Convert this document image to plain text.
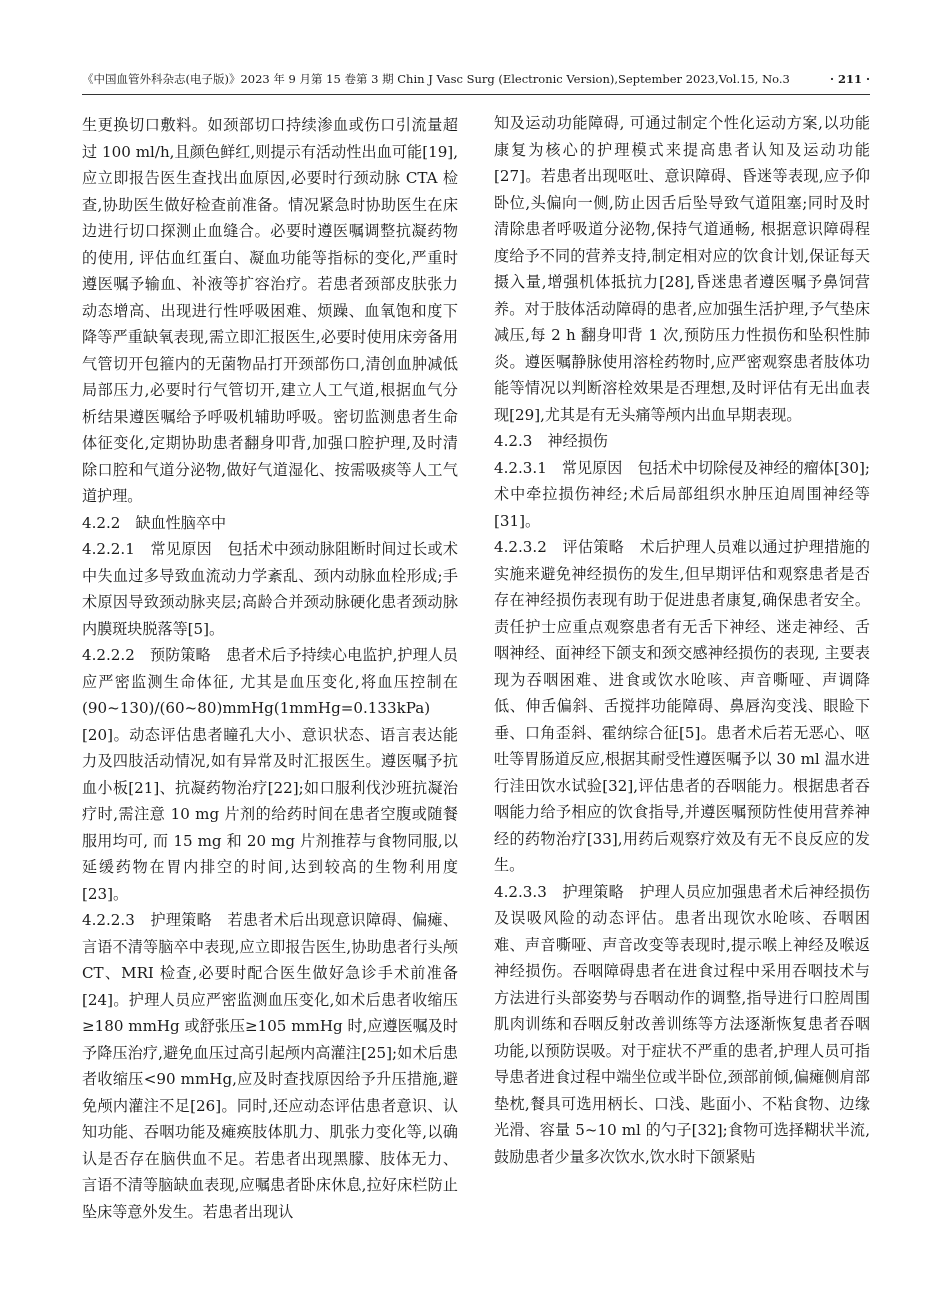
《中国血管外科杂志(电子版)》2023 年 9 月第 15 卷第 3 期 Chin J Vasc Surg (Electronic Version),September 2023,Vol.15, No.3	· 211 ·

生更换切口敷料。如颈部切口持续渗血或伤口引流量超过 100 ml/h,且颜色鲜红,则提示有活动性出血可能[19],应立即报告医生查找出血原因,必要时行颈动脉 CTA 检查,协助医生做好检查前准备。情况紧急时协助医生在床边进行切口探测止血缝合。必要时遵医嘱调整抗凝药物的使用, 评估血红蛋白、凝血功能等指标的变化,严重时遵医嘱予输血、补液等扩容治疗。若患者颈部皮肤张力动态增高、出现进行性呼吸困难、烦躁、血氧饱和度下降等严重缺氧表现,需立即汇报医生,必要时使用床旁备用气管切开包箍内的无菌物品打开颈部伤口,清创血肿减低局部压力,必要时行气管切开,建立人工气道,根据血气分析结果遵医嘱给予呼吸机辅助呼吸。密切监测患者生命体征变化,定期协助患者翻身叩背,加强口腔护理,及时清除口腔和气道分泌物,做好气道湿化、按需吸痰等人工气道护理。

4.2.2　缺血性脑卒中

4.2.2.1　常见原因　包括术中颈动脉阻断时间过长或术中失血过多导致血流动力学紊乱、颈内动脉血栓形成;手术原因导致颈动脉夹层;高龄合并颈动脉硬化患者颈动脉内膜斑块脱落等[5]。

4.2.2.2　预防策略　患者术后予持续心电监护,护理人员应严密监测生命体征, 尤其是血压变化,将血压控制在(90~130)/(60~80)mmHg(1mmHg=0.133kPa)[20]。动态评估患者瞳孔大小、意识状态、语言表达能力及四肢活动情况,如有异常及时汇报医生。遵医嘱予抗血小板[21]、抗凝药物治疗[22];如口服利伐沙班抗凝治疗时,需注意 10 mg 片剂的给药时间在患者空腹或随餐服用均可, 而 15 mg 和 20 mg 片剂推荐与食物同服,以延缓药物在胃内排空的时间,达到较高的生物利用度[23]。

4.2.2.3　护理策略　若患者术后出现意识障碍、偏瘫、言语不清等脑卒中表现,应立即报告医生,协助患者行头颅 CT、MRI 检查,必要时配合医生做好急诊手术前准备[24]。护理人员应严密监测血压变化,如术后患者收缩压≥180 mmHg 或舒张压≥105 mmHg 时,应遵医嘱及时予降压治疗,避免血压过高引起颅内高灌注[25];如术后患者收缩压<90 mmHg,应及时查找原因给予升压措施,避免颅内灌注不足[26]。同时,还应动态评估患者意识、认知功能、吞咽功能及瘫痪肢体肌力、肌张力变化等,以确认是否存在脑供血不足。若患者出现黑朦、肢体无力、言语不清等脑缺血表现,应嘱患者卧床休息,拉好床栏防止坠床等意外发生。若患者出现认

知及运动功能障碍, 可通过制定个性化运动方案,以功能康复为核心的护理模式来提高患者认知及运动功能[27]。若患者出现呕吐、意识障碍、昏迷等表现,应予仰卧位,头偏向一侧,防止因舌后坠导致气道阻塞;同时及时清除患者呼吸道分泌物,保持气道通畅, 根据意识障碍程度给予不同的营养支持,制定相对应的饮食计划,保证每天摄入量,增强机体抵抗力[28],昏迷患者遵医嘱予鼻饲营养。对于肢体活动障碍的患者,应加强生活护理,予气垫床减压,每 2 h 翻身叩背 1 次,预防压力性损伤和坠积性肺炎。遵医嘱静脉使用溶栓药物时,应严密观察患者肢体功能等情况以判断溶栓效果是否理想,及时评估有无出血表现[29],尤其是有无头痛等颅内出血早期表现。

4.2.3　神经损伤

4.2.3.1　常见原因　包括术中切除侵及神经的瘤体[30];术中牵拉损伤神经;术后局部组织水肿压迫周围神经等[31]。

4.2.3.2　评估策略　术后护理人员难以通过护理措施的实施来避免神经损伤的发生,但早期评估和观察患者是否存在神经损伤表现有助于促进患者康复,确保患者安全。责任护士应重点观察患者有无舌下神经、迷走神经、舌咽神经、面神经下颌支和颈交感神经损伤的表现, 主要表现为吞咽困难、进食或饮水呛咳、声音嘶哑、声调降低、伸舌偏斜、舌搅拌功能障碍、鼻唇沟变浅、眼睑下垂、口角歪斜、霍纳综合征[5]。患者术后若无恶心、呕吐等胃肠道反应,根据其耐受性遵医嘱予以 30 ml 温水进行洼田饮水试验[32],评估患者的吞咽能力。根据患者吞咽能力给予相应的饮食指导,并遵医嘱预防性使用营养神经的药物治疗[33],用药后观察疗效及有无不良反应的发生。

4.2.3.3　护理策略　护理人员应加强患者术后神经损伤及误吸风险的动态评估。患者出现饮水呛咳、吞咽困难、声音嘶哑、声音改变等表现时,提示喉上神经及喉返神经损伤。吞咽障碍患者在进食过程中采用吞咽技术与方法进行头部姿势与吞咽动作的调整,指导进行口腔周围肌肉训练和吞咽反射改善训练等方法逐渐恢复患者吞咽功能,以预防误吸。对于症状不严重的患者,护理人员可指导患者进食过程中端坐位或半卧位,颈部前倾,偏瘫侧肩部垫枕,餐具可选用柄长、口浅、匙面小、不粘食物、边缘光滑、容量 5~10 ml 的勺子[32];食物可选择糊状半流,鼓励患者少量多次饮水,饮水时下颌紧贴
